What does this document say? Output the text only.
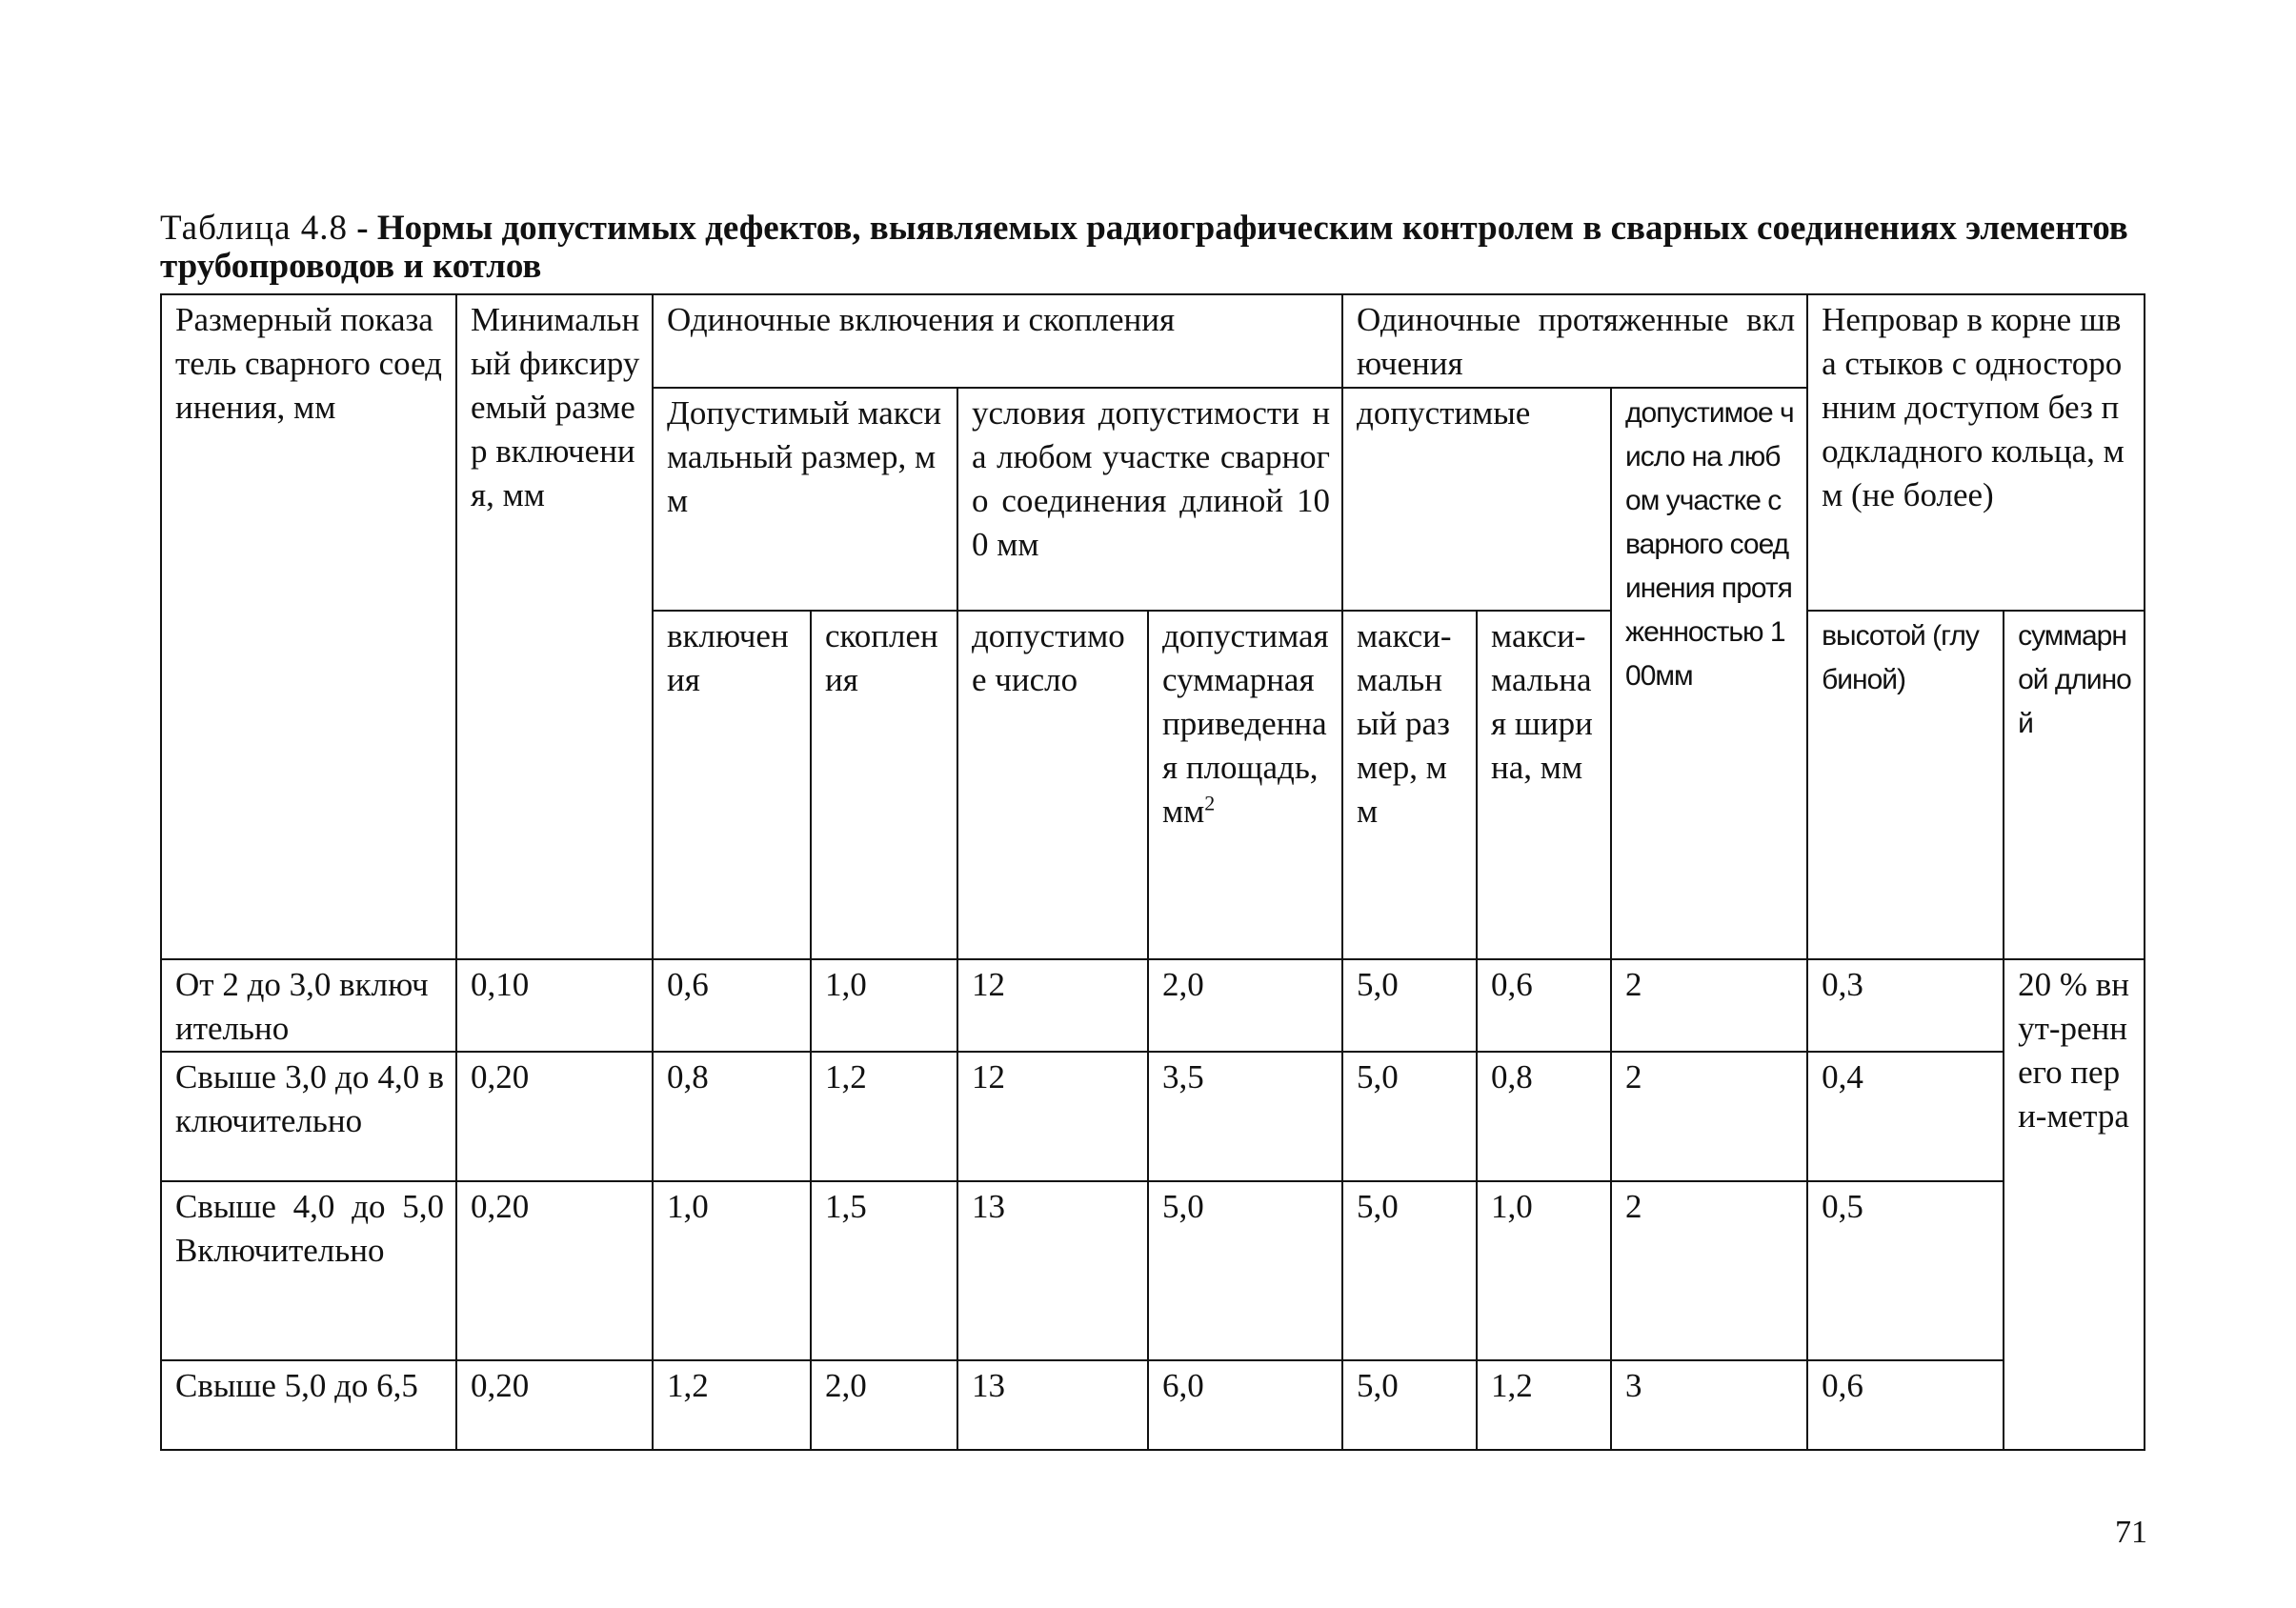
Таблица 4.8 - Нормы допустимых дефектов, выявляемых радиографическим контролем в сварных соединениях элементов трубопроводов и котлов
Размерный показатель сварного соединения, мм	Минимальный фиксируемый размер включения, мм	Одиночные включения и скопления				Одиночные протяженные включения			Непровар в корне шва стыков с односторонним доступом без подкладного кольца, мм (не более)	
		Допустимый максимальный размер, мм		условия допустимости на любом участке сварного соединения длиной 100 мм		допустимые		допустимое число на любом участке сварного соединения протяженностью 100мм		
		включения	скопления	допустимое число	допустимая суммарная приведенная площадь, $мм^2$	макси-мальный размер, мм	макси-мальная ширина, мм		высотой (глубиной)	суммарной длиной
От 2 до 3,0 включительно	0,10	0,6	1,0	12	2,0	5,0	0,6	2	0,3	20 % внут-реннего пери-метра
Свыше 3,0 до 4,0 включительно	0,20	0,8	1,2	12	3,5	5,0	0,8	2	0,4	
Свыше 4,0 до 5,0 Включительно	0,20	1,0	1,5	13	5,0	5,0	1,0	2	0,5	
Свыше 5,0 до 6,5	0,20	1,2	2,0	13	6,0	5,0	1,2	3	0,6	
71
